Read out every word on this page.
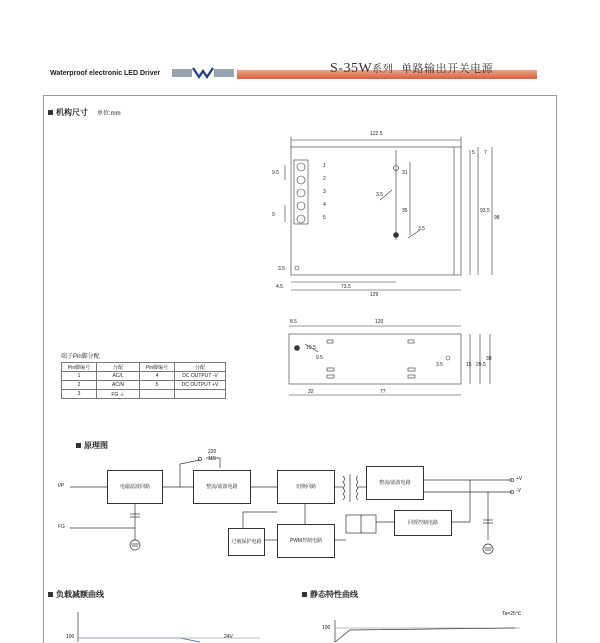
Waterproof electronic LED Driver	S-35W系列 单路输出开关电源
机构尺寸 单位:mm
122.5
129
4.5	73.5
3.5
9.5
9
31
35	93.5
98
3.5
3.5
5 7
1
2
3
4
5
120
8.5
32	77
19.5
9.5
15 29.5
38
3.5
端子Pin脚分配
Pin脚编号	分配	Pin脚编号	分配
1	AC/L	4	DC OUTPUT -V
2	AC/N	5	DC OUTPUT +V
3	FG ⏚		
原理图
I/P
FG
220
115
+V
-V
电磁滤波回路	整流/滤波电路	切换回路
整流/滤波电路
过载保护电路	PWM控制电路
回授控制电路
负载减额曲线	静态特性曲线
100	24V
100
Ta=25℃
